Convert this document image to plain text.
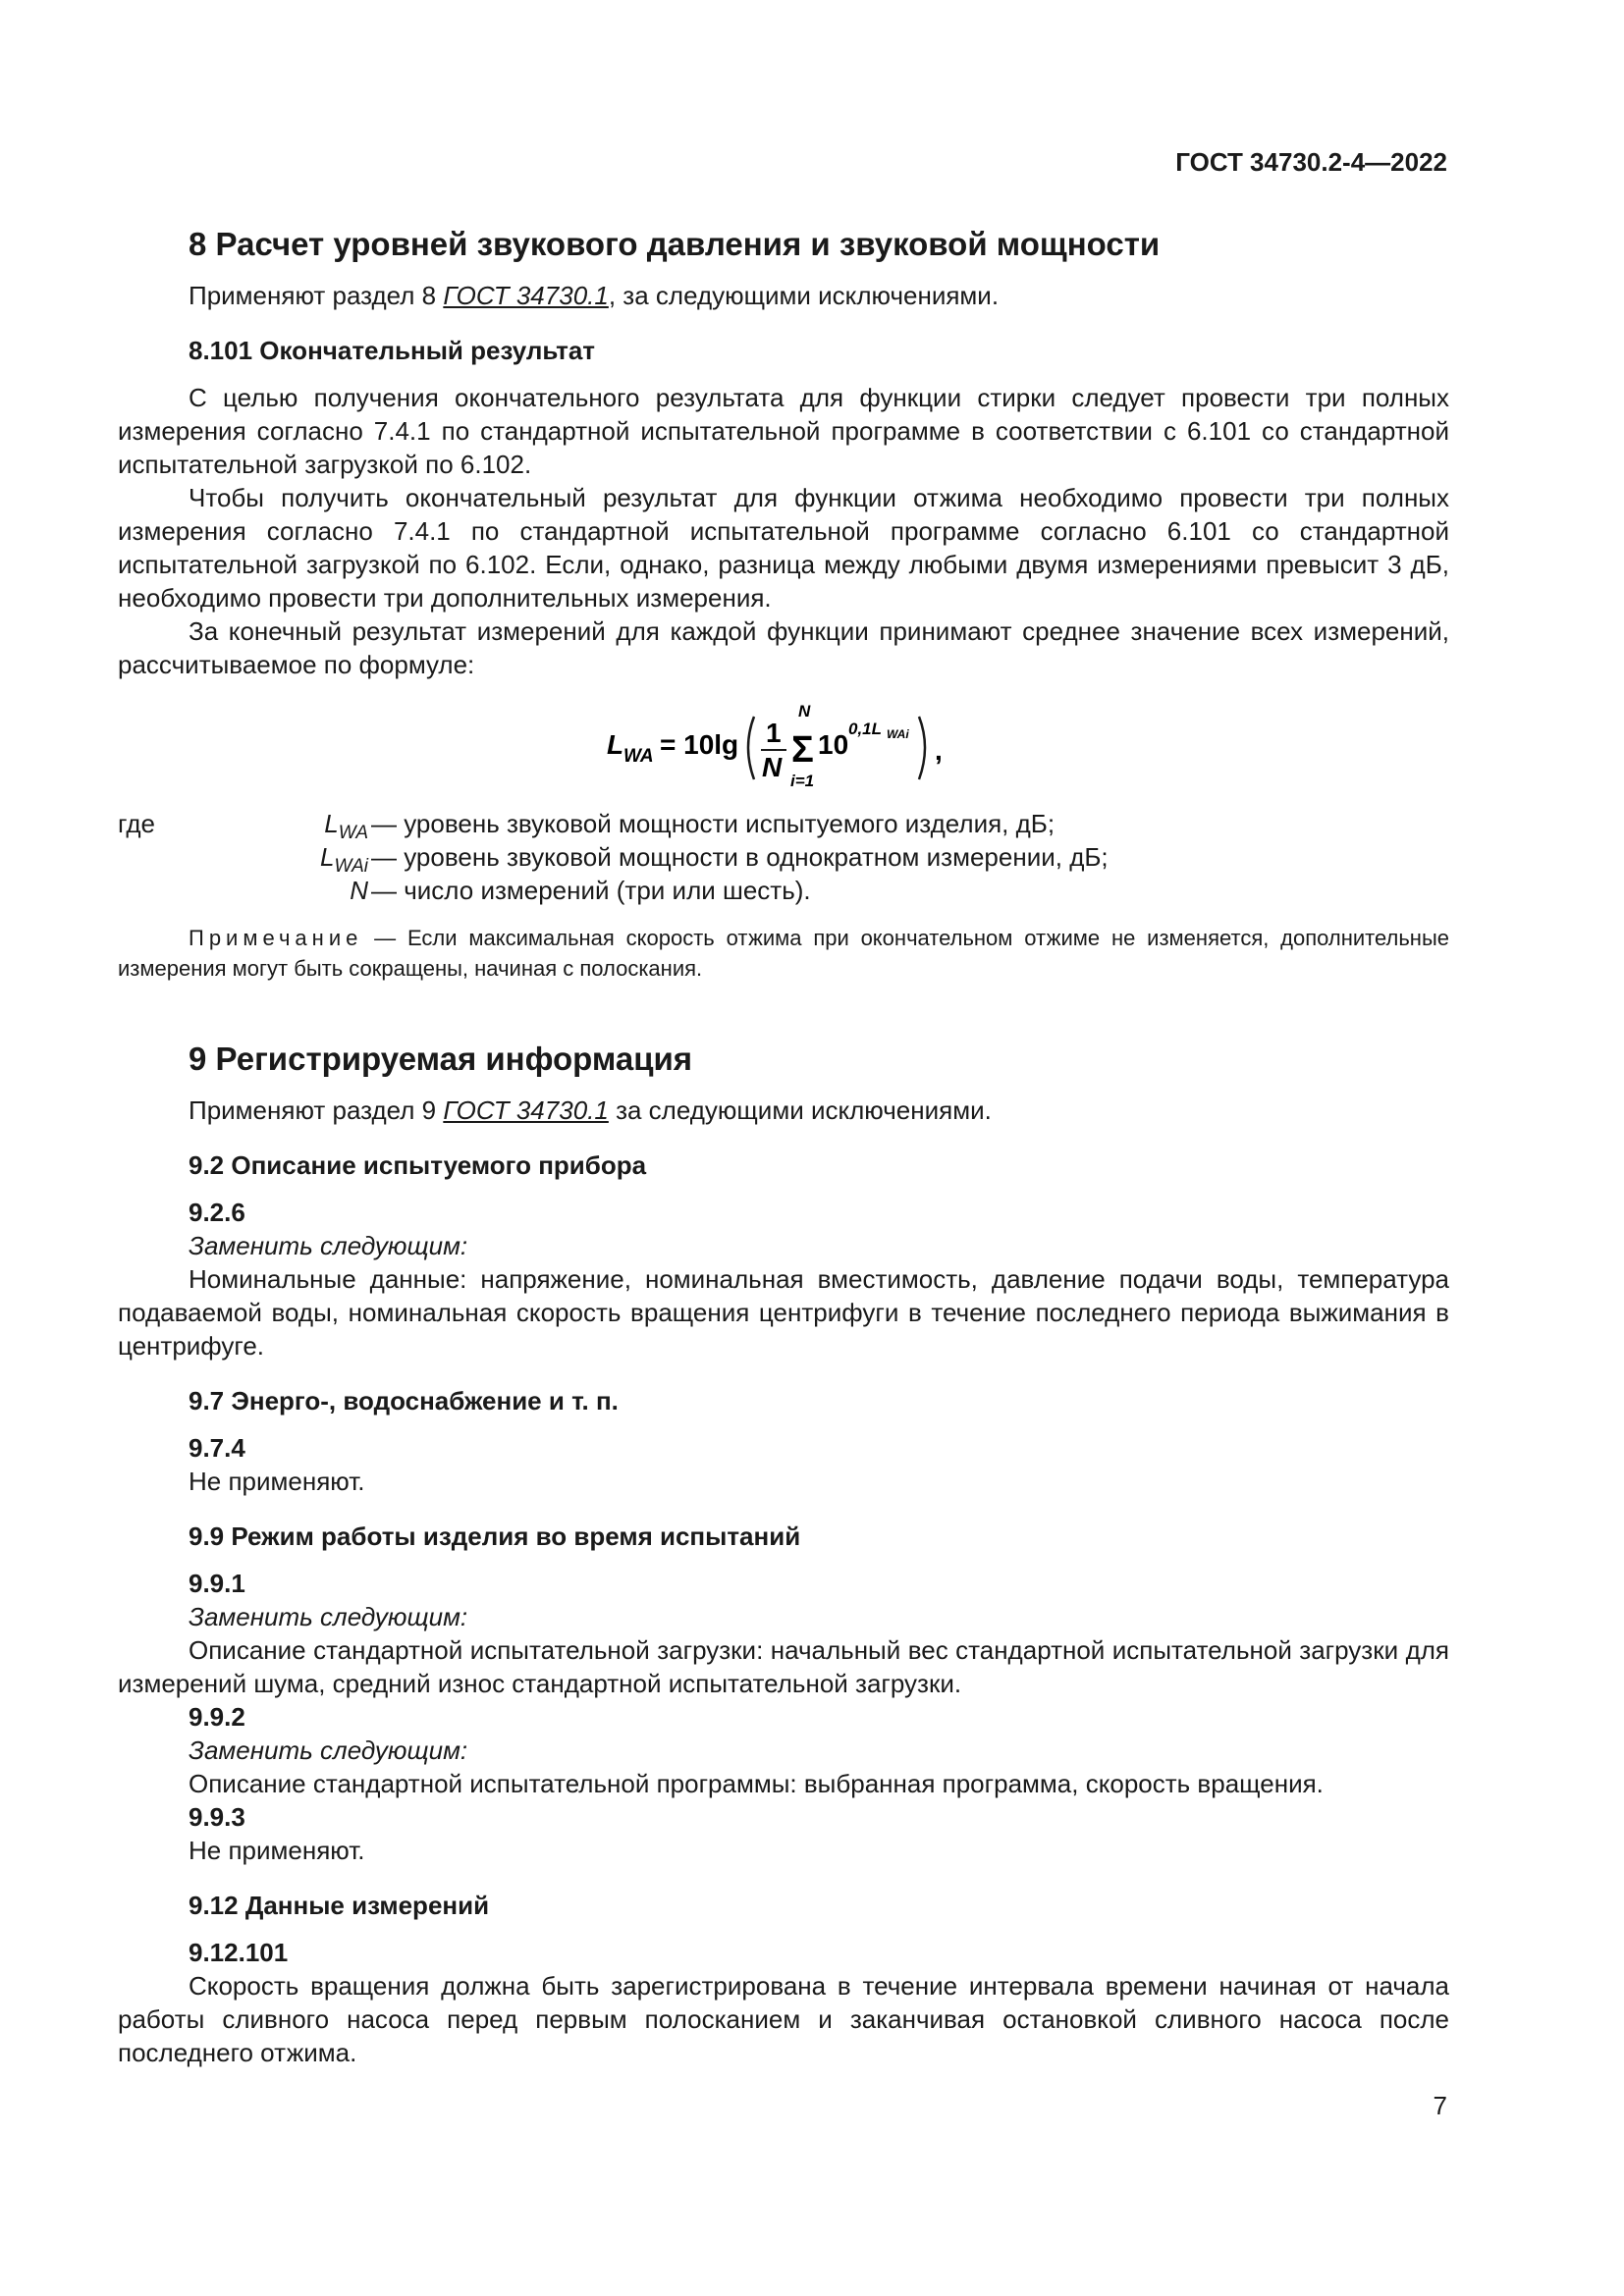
ГОСТ 34730.2-4—2022
8 Расчет уровней звукового давления и звуковой мощности

Применяют раздел 8 ГОСТ 34730.1, за следующими исключениями.

8.101 Окончательный результат

С целью получения окончательного результата для функции стирки следует провести три полных измерения согласно 7.4.1 по стандартной испытательной программе в соответствии с 6.101 со стандартной испытательной загрузкой по 6.102.

Чтобы получить окончательный результат для функции отжима необходимо провести три полных измерения согласно 7.4.1 по стандартной испытательной программе согласно 6.101 со стандартной испытательной загрузкой по 6.102. Если, однако, разница между любыми двумя измерениями превысит 3 дБ, необходимо провести три дополнительных измерения.

За конечный результат измерений для каждой функции принимают среднее значение всех измерений, рассчитываемое по формуле:

L WA = 10lg 1
N
N
Σ
i=1
10
0,1L WAi
,
где	$L_{WA}$ — уровень звуковой мощности испытуемого изделия, дБ;
$L_{WAi}$ — уровень звуковой мощности в однократном измерении, дБ;
N — число измерений (три или шесть).

Примечание — Если максимальная скорость отжима при окончательном отжиме не изменяется, дополнительные измерения могут быть сокращены, начиная с полоскания.

9 Регистрируемая информация

Применяют раздел 9 ГОСТ 34730.1 за следующими исключениями.

9.2 Описание испытуемого прибора
9.2.6

Заменить следующим:

Номинальные данные: напряжение, номинальная вместимость, давление подачи воды, температура подаваемой воды, номинальная скорость вращения центрифуги в течение последнего периода выжимания в центрифуге.

9.7 Энерго-, водоснабжение и т. п.
9.7.4

Не применяют.

9.9 Режим работы изделия во время испытаний
9.9.1

Заменить следующим:

Описание стандартной испытательной загрузки: начальный вес стандартной испытательной загрузки для измерений шума, средний износ стандартной испытательной загрузки.

9.9.2

Заменить следующим:

Описание стандартной испытательной программы: выбранная программа, скорость вращения.

9.9.3

Не применяют.

9.12 Данные измерений
9.12.101

Скорость вращения должна быть зарегистрирована в течение интервала времени начиная от начала работы сливного насоса перед первым полосканием и заканчивая остановкой сливного насоса после последнего отжима.

7
